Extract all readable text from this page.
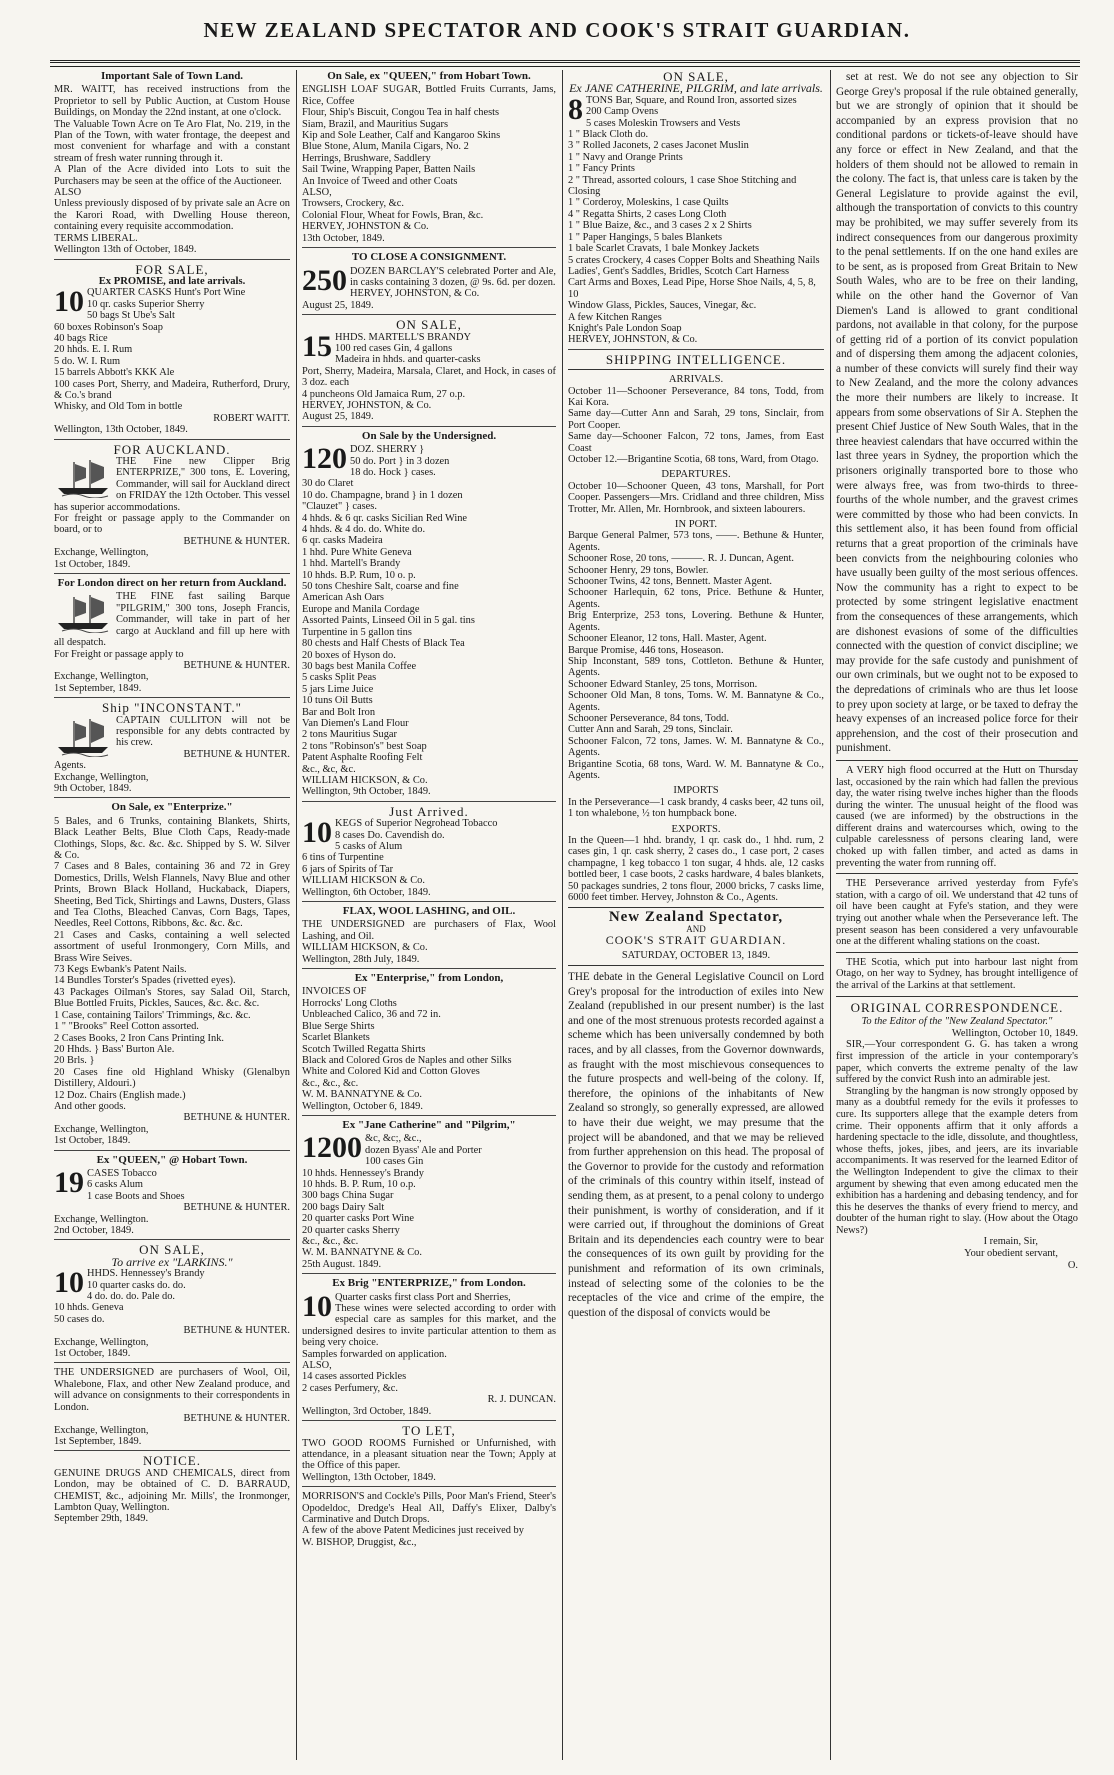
NEW ZEALAND SPECTATOR AND COOK'S STRAIT GUARDIAN.
Important Sale of Town Land.
MR. WAITT, has received instructions from the Proprietor to sell by Public Auction, at Custom House Buildings, on Monday the 22nd instant, at one o'clock.
The Valuable Town Acre on Te Aro Flat, No. 219, in the Plan of the Town, with water frontage, the deepest and most convenient for wharfage and with a constant stream of fresh water running through it.
A Plan of the Acre divided into Lots to suit the Purchasers may be seen at the office of the Auctioneer.
ALSO
Unless previously disposed of by private sale an Acre on the Karori Road, with Dwelling House thereon, containing every requisite accommodation.
TERMS LIBERAL.
Wellington 13th of October, 1849.
FOR SALE,
Ex PROMISE, and late arrivals.
10 QUARTER CASKS Hunt's Port Wine
10 qr. casks Superior Sherry
50 bags St Ube's Salt
60 boxes Robinson's Soap
40 bags Rice
20 hhds. E. I. Rum
5 do. W. I. Rum
15 barrels Abbott's KKK Ale
100 cases Port, Sherry, and Madeira, Rutherford, Drury, & Co.'s brand
Whisky, and Old Tom in bottle
ROBERT WAITT.
Wellington, 13th October, 1849.
FOR AUCKLAND.
THE Fine new Clipper Brig ENTERPRIZE," 300 tons, E. Lovering, Commander, will sail for Auckland direct on FRIDAY the 12th October. This vessel has superior accommodations.
For freight or passage apply to the Commander on board, or to
BETHUNE & HUNTER.
Exchange, Wellington,
1st October, 1849.
For London direct on her return from Auckland.
THE FINE fast sailing Barque "PILGRIM," 300 tons, Joseph Francis, Commander, will take in part of her cargo at Auckland and fill up here with all despatch.
For Freight or passage apply to
BETHUNE & HUNTER.
Exchange, Wellington,
1st September, 1849.
Ship "INCONSTANT."
CAPTAIN CULLITON will not be responsible for any debts contracted by his crew.
BETHUNE & HUNTER.
Agents.
Exchange, Wellington,
9th October, 1849.
On Sale, ex "Enterprize."
5 Bales, and 6 Trunks, containing Blankets, Shirts, Black Leather Belts, Blue Cloth Caps, Ready-made Clothings, Slops, &c. &c. &c. Shipped by S. W. Silver & Co.
7 Cases and 8 Bales, containing 36 and 72 in Grey Domestics, Drills, Welsh Flannels, Navy Blue and other Prints, Brown Black Holland, Huckaback, Diapers, Sheeting, Bed Tick, Shirtings and Lawns, Dusters, Glass and Tea Cloths, Bleached Canvas, Corn Bags, Tapes, Needles, Reel Cottons, Ribbons, &c. &c. &c.
21 Cases and Casks, containing a well selected assortment of useful Ironmongery, Corn Mills, and Brass Wire Seives.
73 Kegs Ewbank's Patent Nails.
14 Bundles Torster's Spades (rivetted eyes).
43 Packages Oilman's Stores, say Salad Oil, Starch, Blue Bottled Fruits, Pickles, Sauces, &c. &c. &c.
1 Case, containing Tailors' Trimmings, &c. &c.
1 " "Brooks" Reel Cotton assorted.
2 Cases Books, 2 Iron Cans Printing Ink.
20 Hhds. } Bass' Burton Ale.
20 Brls. }
20 Cases fine old Highland Whisky (Glenalbyn Distillery, Aldouri.)
12 Doz. Chairs (English made.)
And other goods.
BETHUNE & HUNTER.
Exchange, Wellington,
1st October, 1849.
Ex "QUEEN," @ Hobart Town.
19 CASES Tobacco
6 casks Alum
1 case Boots and Shoes
BETHUNE & HUNTER.
Exchange, Wellington.
2nd October, 1849.
ON SALE,
To arrive ex "LARKINS."
10 HHDS. Hennessey's Brandy
10 quarter casks do. do.
4 do. do. do. Pale do.
10 hhds. Geneva
50 cases do.
BETHUNE & HUNTER.
Exchange, Wellington,
1st October, 1849.
THE UNDERSIGNED are purchasers of Wool, Oil, Whalebone, Flax, and other New Zealand produce, and will advance on consignments to their correspondents in London.
BETHUNE & HUNTER.
Exchange, Wellington,
1st September, 1849.
NOTICE.
GENUINE DRUGS AND CHEMICALS, direct from London, may be obtained of C. D. BARRAUD, CHEMIST, &c., adjoining Mr. Mills', the Ironmonger, Lambton Quay, Wellington.
September 29th, 1849.
On Sale, ex "QUEEN," from Hobart Town.
ENGLISH LOAF SUGAR, Bottled Fruits Currants, Jams, Rice, Coffee
Flour, Ship's Biscuit, Congou Tea in half chests
Siam, Brazil, and Mauritius Sugars
Kip and Sole Leather, Calf and Kangaroo Skins
Blue Stone, Alum, Manila Cigars, No. 2
Herrings, Brushware, Saddlery
Sail Twine, Wrapping Paper, Batten Nails
An Invoice of Tweed and other Coats
ALSO,
Trowsers, Crockery, &c.
Colonial Flour, Wheat for Fowls, Bran, &c.
HERVEY, JOHNSTON & Co.
13th October, 1849.
TO CLOSE A CONSIGNMENT.
250 DOZEN BARCLAY'S celebrated Porter and Ale, in casks containing 3 dozen, @ 9s. 6d. per dozen.
HERVEY, JOHNSTON, & Co.
August 25, 1849.
ON SALE,
15 HHDS. MARTELL'S BRANDY
100 red cases Gin, 4 gallons
Madeira in hhds. and quarter-casks
Port, Sherry, Madeira, Marsala, Claret, and Hock, in cases of 3 doz. each
4 puncheons Old Jamaica Rum, 27 o.p.
HERVEY, JOHNSTON, & Co.
August 25, 1849.
On Sale by the Undersigned.
120 DOZ. SHERRY }
50 do. Port } in 3 dozen
18 do. Hock } cases.
30 do Claret
10 do. Champagne, brand } in 1 dozen
"Clauzet" } cases.
4 hhds. & 6 qr. casks Sicilian Red Wine
4 hhds. & 4 do. do. White do.
6 qr. casks Madeira
1 hhd. Pure White Geneva
1 hhd. Martell's Brandy
10 hhds. B.P. Rum, 10 o. p.
50 tons Cheshire Salt, coarse and fine
American Ash Oars
Europe and Manila Cordage
Assorted Paints, Linseed Oil in 5 gal. tins
Turpentine in 5 gallon tins
80 chests and Half Chests of Black Tea
20 boxes of Hyson do.
30 bags best Manila Coffee
5 casks Split Peas
5 jars Lime Juice
10 tuns Oil Butts
Bar and Bolt Iron
Van Diemen's Land Flour
2 tons Mauritius Sugar
2 tons "Robinson's" best Soap
Patent Asphalte Roofing Felt
&c., &c, &c.
WILLIAM HICKSON, & Co.
Wellington, 9th October, 1849.
Just Arrived.
10 KEGS of Superior Negrohead Tobacco
8 cases Do. Cavendish do.
5 casks of Alum
6 tins of Turpentine
6 jars of Spirits of Tar
WILLIAM HICKSON & Co.
Wellington, 6th October, 1849.
FLAX, WOOL LASHING, and OIL.
THE UNDERSIGNED are purchasers of Flax, Wool Lashing, and Oil.
WILLIAM HICKSON, & Co.
Wellington, 28th July, 1849.
Ex "Enterprise," from London,
INVOICES OF
Horrocks' Long Cloths
Unbleached Calico, 36 and 72 in.
Blue Serge Shirts
Scarlet Blankets
Scotch Twilled Regatta Shirts
Black and Colored Gros de Naples and other Silks
White and Colored Kid and Cotton Gloves
&c., &c., &c.
W. M. BANNATYNE & Co.
Wellington, October 6, 1849.
Ex "Jane Catherine" and "Pilgrim,"
1200 &c, &c;, &c.,
dozen Byass' Ale and Porter
100 cases Gin
10 hhds. Hennessey's Brandy
10 hhds. B. P. Rum, 10 o.p.
300 bags China Sugar
200 bags Dairy Salt
20 quarter casks Port Wine
20 quarter casks Sherry
&c., &c., &c.
W. M. BANNATYNE & Co.
25th August. 1849.
Ex Brig "ENTERPRIZE," from London.
10 Quarter casks first class Port and Sherries,
These wines were selected according to order with especial care as samples for this market, and the undersigned desires to invite particular attention to them as being very choice.
Samples forwarded on application.
ALSO,
14 cases assorted Pickles
2 cases Perfumery, &c.
R. J. DUNCAN.
Wellington, 3rd October, 1849.
TO LET,
TWO GOOD ROOMS Furnished or Unfurnished, with attendance, in a pleasant situation near the Town; Apply at the Office of this paper.
Wellington, 13th October, 1849.
MORRISON'S and Cockle's Pills, Poor Man's Friend, Steer's Opodeldoc, Dredge's Heal All, Daffy's Elixer, Dalby's Carminative and Dutch Drops.
A few of the above Patent Medicines just received by
W. BISHOP, Druggist, &c.,
ON SALE,
Ex JANE CATHERINE, PILGRIM, and late arrivals.
8 TONS Bar, Square, and Round Iron, assorted sizes
200 Camp Ovens
5 cases Moleskin Trowsers and Vests
1 " Black Cloth do.
3 " Rolled Jaconets, 2 cases Jaconet Muslin
1 " Navy and Orange Prints
1 " Fancy Prints
2 " Thread, assorted colours, 1 case Shoe Stitching and Closing
1 " Corderoy, Moleskins, 1 case Quilts
4 " Regatta Shirts, 2 cases Long Cloth
1 " Blue Baize, &c., and 3 cases 2 x 2 Shirts
1 " Paper Hangings, 5 bales Blankets
1 bale Scarlet Cravats, 1 bale Monkey Jackets
5 crates Crockery, 4 cases Copper Bolts and Sheathing Nails
Ladies', Gent's Saddles, Bridles, Scotch Cart Harness
Cart Arms and Boxes, Lead Pipe, Horse Shoe Nails, 4, 5, 8, 10
Window Glass, Pickles, Sauces, Vinegar, &c.
A few Kitchen Ranges
Knight's Pale London Soap
HERVEY, JOHNSTON, & Co.
SHIPPING INTELLIGENCE.
ARRIVALS.
October 11—Schooner Perseverance, 84 tons, Todd, from Kai Kora.
Same day—Cutter Ann and Sarah, 29 tons, Sinclair, from Port Cooper.
Same day—Schooner Falcon, 72 tons, James, from East Coast
October 12.—Brigantine Scotia, 68 tons, Ward, from Otago.
DEPARTURES.
October 10—Schooner Queen, 43 tons, Marshall, for Port Cooper. Passengers—Mrs. Cridland and three children, Miss Trotter, Mr. Allen, Mr. Hornbrook, and sixteen labourers.
IN PORT.
Barque General Palmer, 573 tons, ——. Bethune & Hunter, Agents.
Schooner Rose, 20 tons, ———. R. J. Duncan, Agent.
Schooner Henry, 29 tons, Bowler.
Schooner Twins, 42 tons, Bennett. Master Agent.
Schooner Harlequin, 62 tons, Price. Bethune & Hunter, Agents.
Brig Enterprize, 253 tons, Lovering. Bethune & Hunter, Agents.
Schooner Eleanor, 12 tons, Hall. Master, Agent.
Barque Promise, 446 tons, Hoseason.
Ship Inconstant, 589 tons, Cottleton. Bethune & Hunter, Agents.
Schooner Edward Stanley, 25 tons, Morrison.
Schooner Old Man, 8 tons, Toms. W. M. Bannatyne & Co., Agents.
Schooner Perseverance, 84 tons, Todd.
Cutter Ann and Sarah, 29 tons, Sinclair.
Schooner Falcon, 72 tons, James. W. M. Bannatyne & Co., Agents.
Brigantine Scotia, 68 tons, Ward. W. M. Bannatyne & Co., Agents.
IMPORTS
In the Perseverance—1 cask brandy, 4 casks beer, 42 tuns oil, 1 ton whalebone, ½ ton humpback bone.
EXPORTS.
In the Queen—1 hhd. brandy, 1 qr. cask do., 1 hhd. rum, 2 cases gin, 1 qr. cask sherry, 2 cases do., 1 case port, 2 cases champagne, 1 keg tobacco 1 ton sugar, 4 hhds. ale, 12 casks bottled beer, 1 case boots, 2 casks hardware, 4 bales blankets, 50 packages sundries, 2 tons flour, 2000 bricks, 7 casks lime, 6000 feet timber. Hervey, Johnston & Co., Agents.
New Zealand Spectator,
AND
COOK'S STRAIT GUARDIAN.
SATURDAY, OCTOBER 13, 1849.

THE debate in the General Legislative Council on Lord Grey's proposal for the introduction of exiles into New Zealand (republished in our present number) is the last and one of the most strenuous protests recorded against a scheme which has been universally condemned by both races, and by all classes, from the Governor downwards, as fraught with the most mischievous consequences to the future prospects and well-being of the colony. If, therefore, the opinions of the inhabitants of New Zealand so strongly, so generally expressed, are allowed to have their due weight, we may presume that the project will be abandoned, and that we may be relieved from further apprehension on this head. The proposal of the Governor to provide for the custody and reformation of the criminals of this country within itself, instead of sending them, as at present, to a penal colony to undergo their punishment, is worthy of consideration, and if it were carried out, if throughout the dominions of Great Britain and its dependencies each country were to bear the consequences of its own guilt by providing for the punishment and reformation of its own criminals, instead of selecting some of the colonies to be the receptacles of the vice and crime of the empire, the question of the disposal of convicts would be

set at rest. We do not see any objection to Sir George Grey's proposal if the rule obtained generally, but we are strongly of opinion that it should be accompanied by an express provision that no conditional pardons or tickets-of-leave should have any force or effect in New Zealand, and that the holders of them should not be allowed to remain in the colony. The fact is, that unless care is taken by the General Legislature to provide against the evil, although the transportation of convicts to this country may be prohibited, we may suffer severely from its indirect consequences from our dangerous proximity to the penal settlements. If on the one hand exiles are to be sent, as is proposed from Great Britain to New South Wales, who are to be free on their landing, while on the other hand the Governor of Van Diemen's Land is allowed to grant conditional pardons, not available in that colony, for the purpose of getting rid of a portion of its convict population and of dispersing them among the adjacent colonies, a number of these convicts will surely find their way to New Zealand, and the more the colony advances the more their numbers are likely to increase. It appears from some observations of Sir A. Stephen the present Chief Justice of New South Wales, that in the three heaviest calendars that have occurred within the last three years in Sydney, the proportion which the prisoners originally transported bore to those who were always free, was from two-thirds to three-fourths of the whole number, and the gravest crimes were committed by those who had been convicts. In this settlement also, it has been found from official returns that a great proportion of the criminals have been convicts from the neighbouring colonies who have usually been guilty of the most serious offences. Now the community has a right to expect to be protected by some stringent legislative enactment from the consequences of these arrangements, which are dishonest evasions of some of the difficulties connected with the question of convict discipline; we may provide for the safe custody and punishment of our own criminals, but we ought not to be exposed to the depredations of criminals who are thus let loose to prey upon society at large, or be taxed to defray the heavy expenses of an increased police force for their apprehension, and the cost of their prosecution and punishment.

A VERY high flood occurred at the Hutt on Thursday last, occasioned by the rain which had fallen the previous day, the water rising twelve inches higher than the floods during the winter. The unusual height of the flood was caused (we are informed) by the obstructions in the different drains and watercourses which, owing to the culpable carelessness of persons clearing land, were choked up with fallen timber, and acted as dams in preventing the water from running off.

THE Perseverance arrived yesterday from Fyfe's station, with a cargo of oil. We understand that 42 tuns of oil have been caught at Fyfe's station, and they were trying out another whale when the Perseverance left. The present season has been considered a very unfavourable one at the different whaling stations on the coast.

THE Scotia, which put into harbour last night from Otago, on her way to Sydney, has brought intelligence of the arrival of the Larkins at that settlement.

ORIGINAL CORRESPONDENCE.
To the Editor of the "New Zealand Spectator."
Wellington, October 10, 1849.

SIR,—Your correspondent G. G. has taken a wrong first impression of the article in your contemporary's paper, which converts the extreme penalty of the law suffered by the convict Rush into an admirable jest.

Strangling by the hangman is now strongly opposed by many as a doubtful remedy for the evils it professes to cure. Its supporters allege that the example deters from crime. Their opponents affirm that it only affords a hardening spectacle to the idle, dissolute, and thoughtless, whose thefts, jokes, jibes, and jeers, are its invariable accompaniments. It was reserved for the learned Editor of the Wellington Independent to give the climax to their argument by shewing that even among educated men the exhibition has a hardening and debasing tendency, and for this he deserves the thanks of every friend to mercy, and doubter of the human right to slay. (How about the Otago News?)

I remain, Sir,
Your obedient servant,
O.
